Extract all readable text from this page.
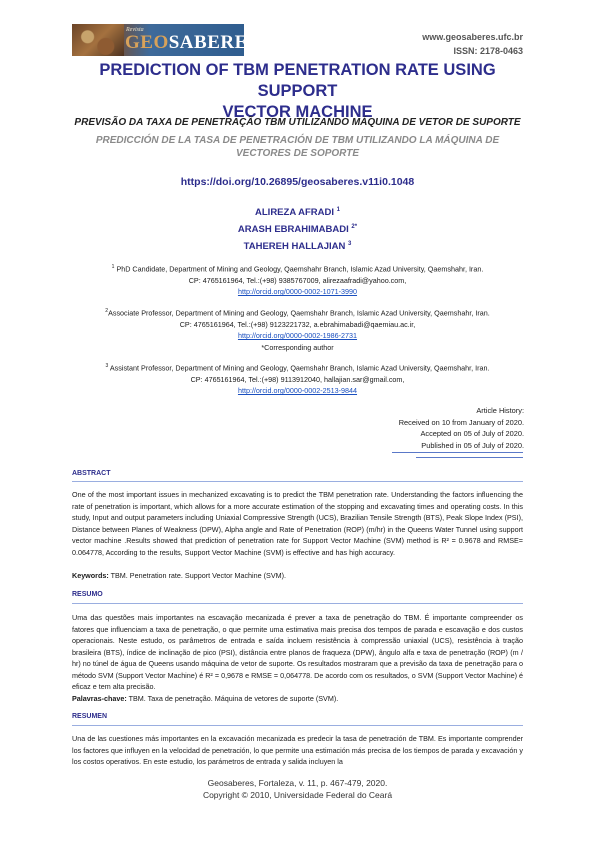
Revista
GEOSABERES	www.geosaberes.ufc.br
ISSN: 2178-0463
PREDICTION OF TBM PENETRATION RATE USING SUPPORT
VECTOR MACHINE
PREVISÃO DA TAXA DE PENETRAÇÃO TBM UTILIZANDO MÁQUINA DE VETOR DE SUPORTE
PREDICCIÓN DE LA TASA DE PENETRACIÓN DE TBM UTILIZANDO LA MÁQUINA DE
VECTORES DE SOPORTE
https://doi.org/10.26895/geosaberes.v11i0.1048
ALIREZA AFRADI $^1$
ARASH EBRAHIMABADI $^{2*}$
TAHEREH HALLAJIAN $^3$
$^1$ PhD Candidate, Department of Mining and Geology, Qaemshahr Branch, Islamic Azad University, Qaemshahr, Iran.
CP: 4765161964, Tel.:(+98) 9385767009, alirezaafradi@yahoo.com,
http://orcid.org/0000-0002-1071-3990
$^2$Associate Professor, Department of Mining and Geology, Qaemshahr Branch, Islamic Azad University, Qaemshahr, Iran.
CP: 4765161964, Tel.:(+98) 9123221732, a.ebrahimabadi@qaemiau.ac.ir,
http://orcid.org/0000-0002-1986-2731
*Corresponding author
$^3$ Assistant Professor, Department of Mining and Geology, Qaemshahr Branch, Islamic Azad University, Qaemshahr, Iran.
CP: 4765161964, Tel.:(+98) 9113912040, hallajian.sar@gmail.com,
http://orcid.org/0000-0002-2513-9844
Article History:
Received on 10 from January of 2020.
Accepted on 05 of July of 2020.
Published in 05 of July of 2020.
ABSTRACT
One of the most important issues in mechanized excavating is to predict the TBM penetration rate. Understanding the factors influencing the rate of penetration is important, which allows for a more accurate estimation of the stopping and excavating times and operating costs. In this study, Input and output parameters including Uniaxial Compressive Strength (UCS), Brazilian Tensile Strength (BTS), Peak Slope Index (PSI), Distance between Planes of Weakness (DPW), Alpha angle and Rate of Penetration (ROP) (m/hr) in the Queens Water Tunnel using support vector machine .Results showed that prediction of penetration rate for Support Vector Machine (SVM) method is R² = 0.9678 and RMSE= 0.064778, According to the results, Support Vector Machine (SVM) is effective and has high accuracy.
Keywords: TBM. Penetration rate. Support Vector Machine (SVM).
RESUMO
Uma das questões mais importantes na escavação mecanizada é prever a taxa de penetração do TBM. É importante compreender os fatores que influenciam a taxa de penetração, o que permite uma estimativa mais precisa dos tempos de parada e escavação e dos custos operacionais. Neste estudo, os parâmetros de entrada e saída incluem resistência à compressão uniaxial (UCS), resistência à tração brasileira (BTS), índice de inclinação de pico (PSI), distância entre planos de fraqueza (DPW), ângulo alfa e taxa de penetração (ROP) (m / hr) no túnel de água de Queens usando máquina de vetor de suporte. Os resultados mostraram que a previsão da taxa de penetração para o método SVM (Support Vector Machine) é R² = 0,9678 e RMSE = 0,064778. De acordo com os resultados, o SVM (Support Vector Machine) é eficaz e tem alta precisão.
Palavras-chave: TBM. Taxa de penetração. Máquina de vetores de suporte (SVM).
RESUMEN
Una de las cuestiones más importantes en la excavación mecanizada es predecir la tasa de penetración de TBM. Es importante comprender los factores que influyen en la velocidad de penetración, lo que permite una estimación más precisa de los tiempos de parada y excavación y los costos operativos. En este estudio, los parámetros de entrada y salida incluyen la
Geosaberes, Fortaleza, v. 11, p. 467-479, 2020.
Copyright © 2010, Universidade Federal do Ceará
